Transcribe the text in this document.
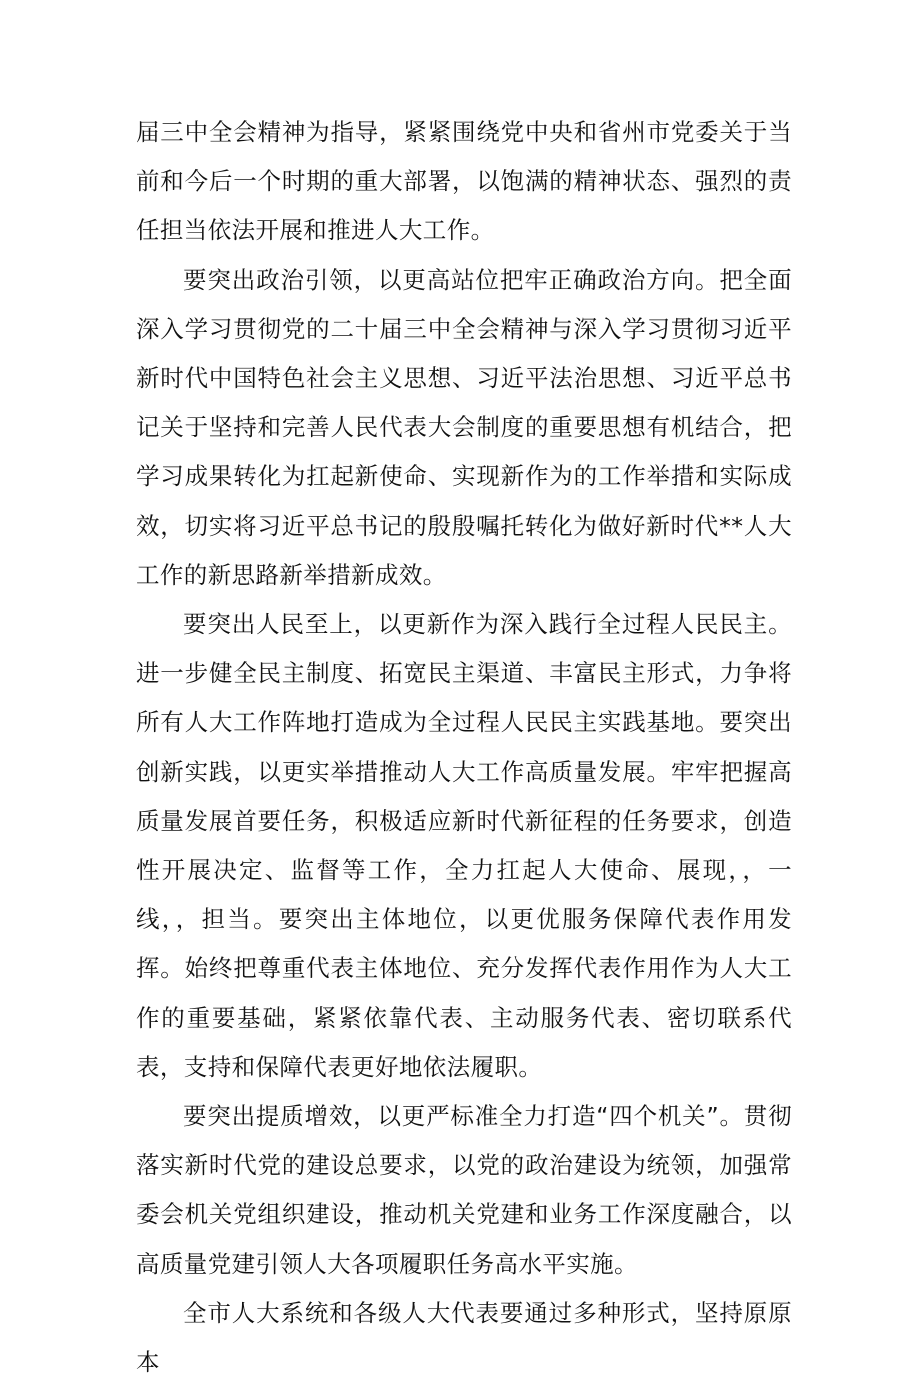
届三中全会精神为指导，紧紧围绕党中央和省州市党委关于当前和今后一个时期的重大部署，以饱满的精神状态、强烈的责任担当依法开展和推进人大工作。

要突出政治引领，以更高站位把牢正确政治方向。把全面深入学习贯彻党的二十届三中全会精神与深入学习贯彻习近平新时代中国特色社会主义思想、习近平法治思想、习近平总书记关于坚持和完善人民代表大会制度的重要思想有机结合，把学习成果转化为扛起新使命、实现新作为的工作举措和实际成效，切实将习近平总书记的殷殷嘱托转化为做好新时代**人大工作的新思路新举措新成效。

要突出人民至上，以更新作为深入践行全过程人民民主。进一步健全民主制度、拓宽民主渠道、丰富民主形式，力争将所有人大工作阵地打造成为全过程人民民主实践基地。要突出创新实践，以更实举措推动人大工作高质量发展。牢牢把握高质量发展首要任务，积极适应新时代新征程的任务要求，创造性开展决定、监督等工作，全力扛起人大使命、展现，，一线，，担当。要突出主体地位，以更优服务保障代表作用发挥。始终把尊重代表主体地位、充分发挥代表作用作为人大工作的重要基础，紧紧依靠代表、主动服务代表、密切联系代表，支持和保障代表更好地依法履职。

要突出提质增效，以更严标准全力打造“四个机关”。贯彻落实新时代党的建设总要求，以党的政治建设为统领，加强常委会机关党组织建设，推动机关党建和业务工作深度融合，以高质量党建引领人大各项履职任务高水平实施。

全市人大系统和各级人大代表要通过多种形式，坚持原原本
